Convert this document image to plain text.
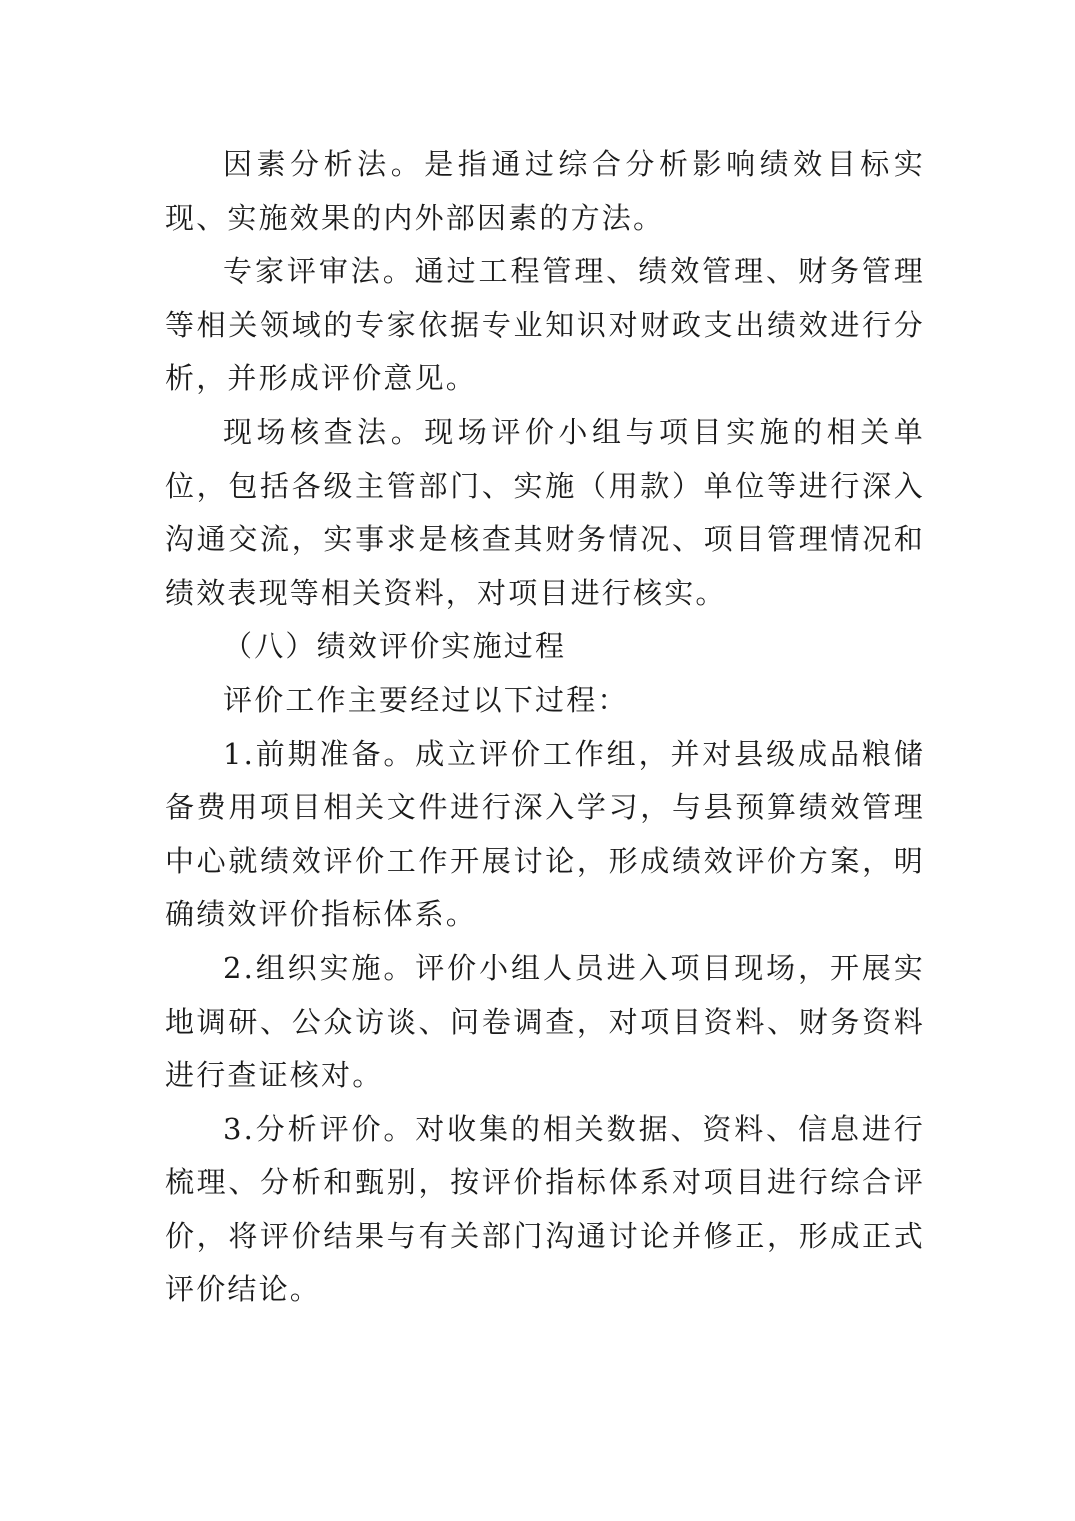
因素分析法。是指通过综合分析影响绩效目标实现、实施效果的内外部因素的方法。

专家评审法。通过工程管理、绩效管理、财务管理等相关领域的专家依据专业知识对财政支出绩效进行分析，并形成评价意见。

现场核查法。现场评价小组与项目实施的相关单位，包括各级主管部门、实施（用款）单位等进行深入沟通交流，实事求是核查其财务情况、项目管理情况和绩效表现等相关资料，对项目进行核实。

（八）绩效评价实施过程

评价工作主要经过以下过程：

1.前期准备。成立评价工作组，并对县级成品粮储备费用项目相关文件进行深入学习，与县预算绩效管理中心就绩效评价工作开展讨论，形成绩效评价方案，明确绩效评价指标体系。

2.组织实施。评价小组人员进入项目现场，开展实地调研、公众访谈、问卷调查，对项目资料、财务资料进行查证核对。

3.分析评价。对收集的相关数据、资料、信息进行梳理、分析和甄别，按评价指标体系对项目进行综合评价，将评价结果与有关部门沟通讨论并修正，形成正式评价结论。
